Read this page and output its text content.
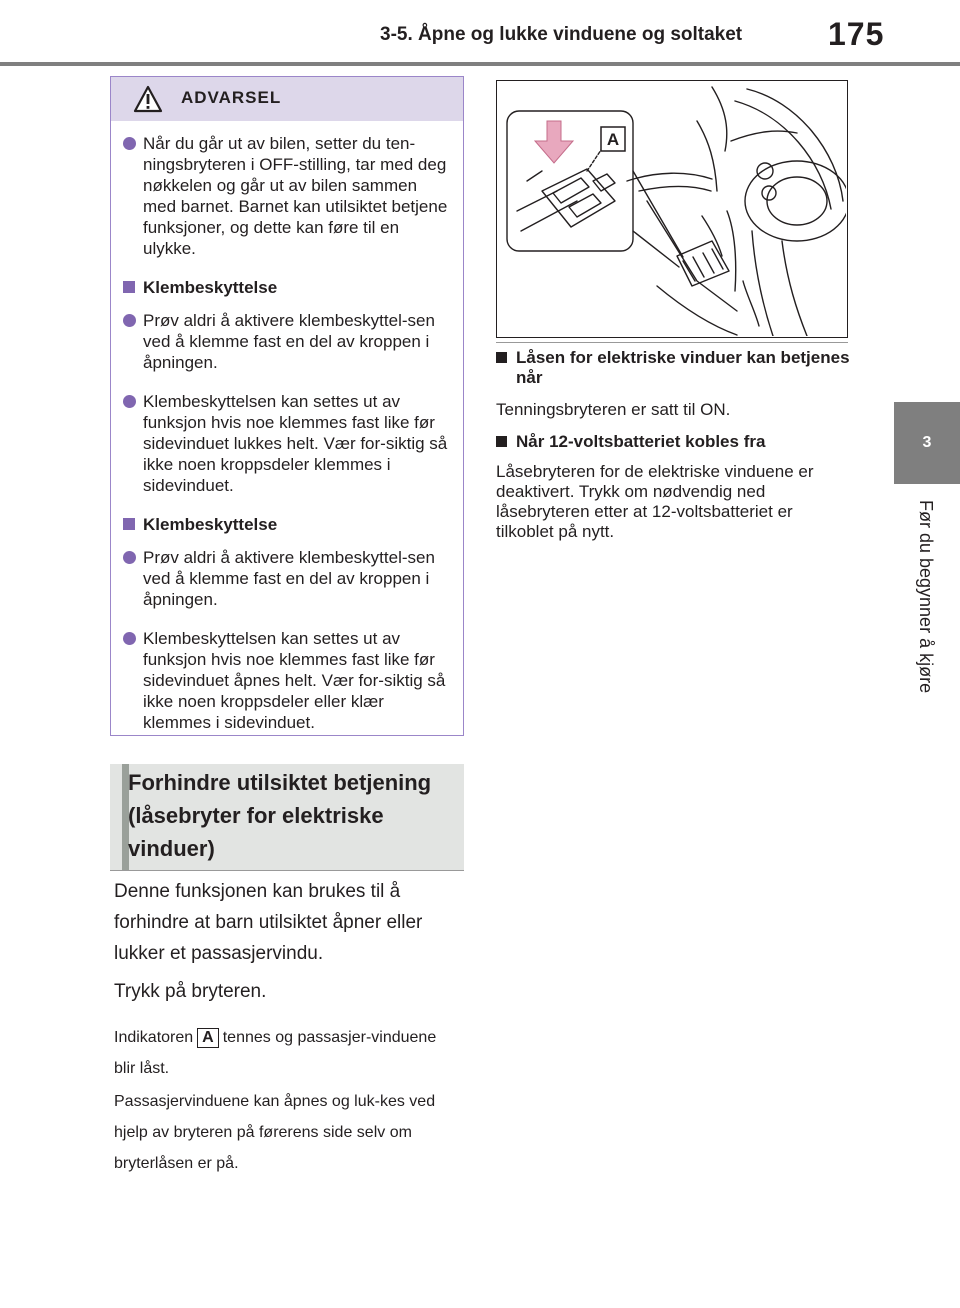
3-5. Åpne og lukke vinduene og soltaket	175
3
Før du begynner å kjøre
ADVARSEL
Når du går ut av bilen, setter du ten-ningsbryteren i OFF-stilling, tar med deg nøkkelen og går ut av bilen sammen med barnet. Barnet kan utilsiktet betjene funksjoner, og dette kan føre til en ulykke.
Klembeskyttelse
Prøv aldri å aktivere klembeskyttel-sen ved å klemme fast en del av kroppen i åpningen.
Klembeskyttelsen kan settes ut av funksjon hvis noe klemmes fast like før sidevinduet lukkes helt. Vær for-siktig så ikke noen kroppsdeler klemmes i sidevinduet.
Klembeskyttelse
Prøv aldri å aktivere klembeskyttel-sen ved å klemme fast en del av kroppen i åpningen.
Klembeskyttelsen kan settes ut av funksjon hvis noe klemmes fast like før sidevinduet åpnes helt. Vær for-siktig så ikke noen kroppsdeler eller klær klemmes i sidevinduet.
Forhindre utilsiktet betjening (låsebryter for elektriske vinduer)
Denne funksjonen kan brukes til å forhindre at barn utilsiktet åpner eller lukker et passasjervindu.
Trykk på bryteren.
Indikatoren A tennes og passasjer-vinduene blir låst.
Passasjervinduene kan åpnes og luk-kes ved hjelp av bryteren på førerens side selv om bryterlåsen er på.
A
Låsen for elektriske vinduer kan betjenes når
Tenningsbryteren er satt til ON.
Når 12-voltsbatteriet kobles fra
Låsebryteren for de elektriske vinduene er deaktivert. Trykk om nødvendig ned låsebryteren etter at 12-voltsbatteriet er tilkoblet på nytt.
